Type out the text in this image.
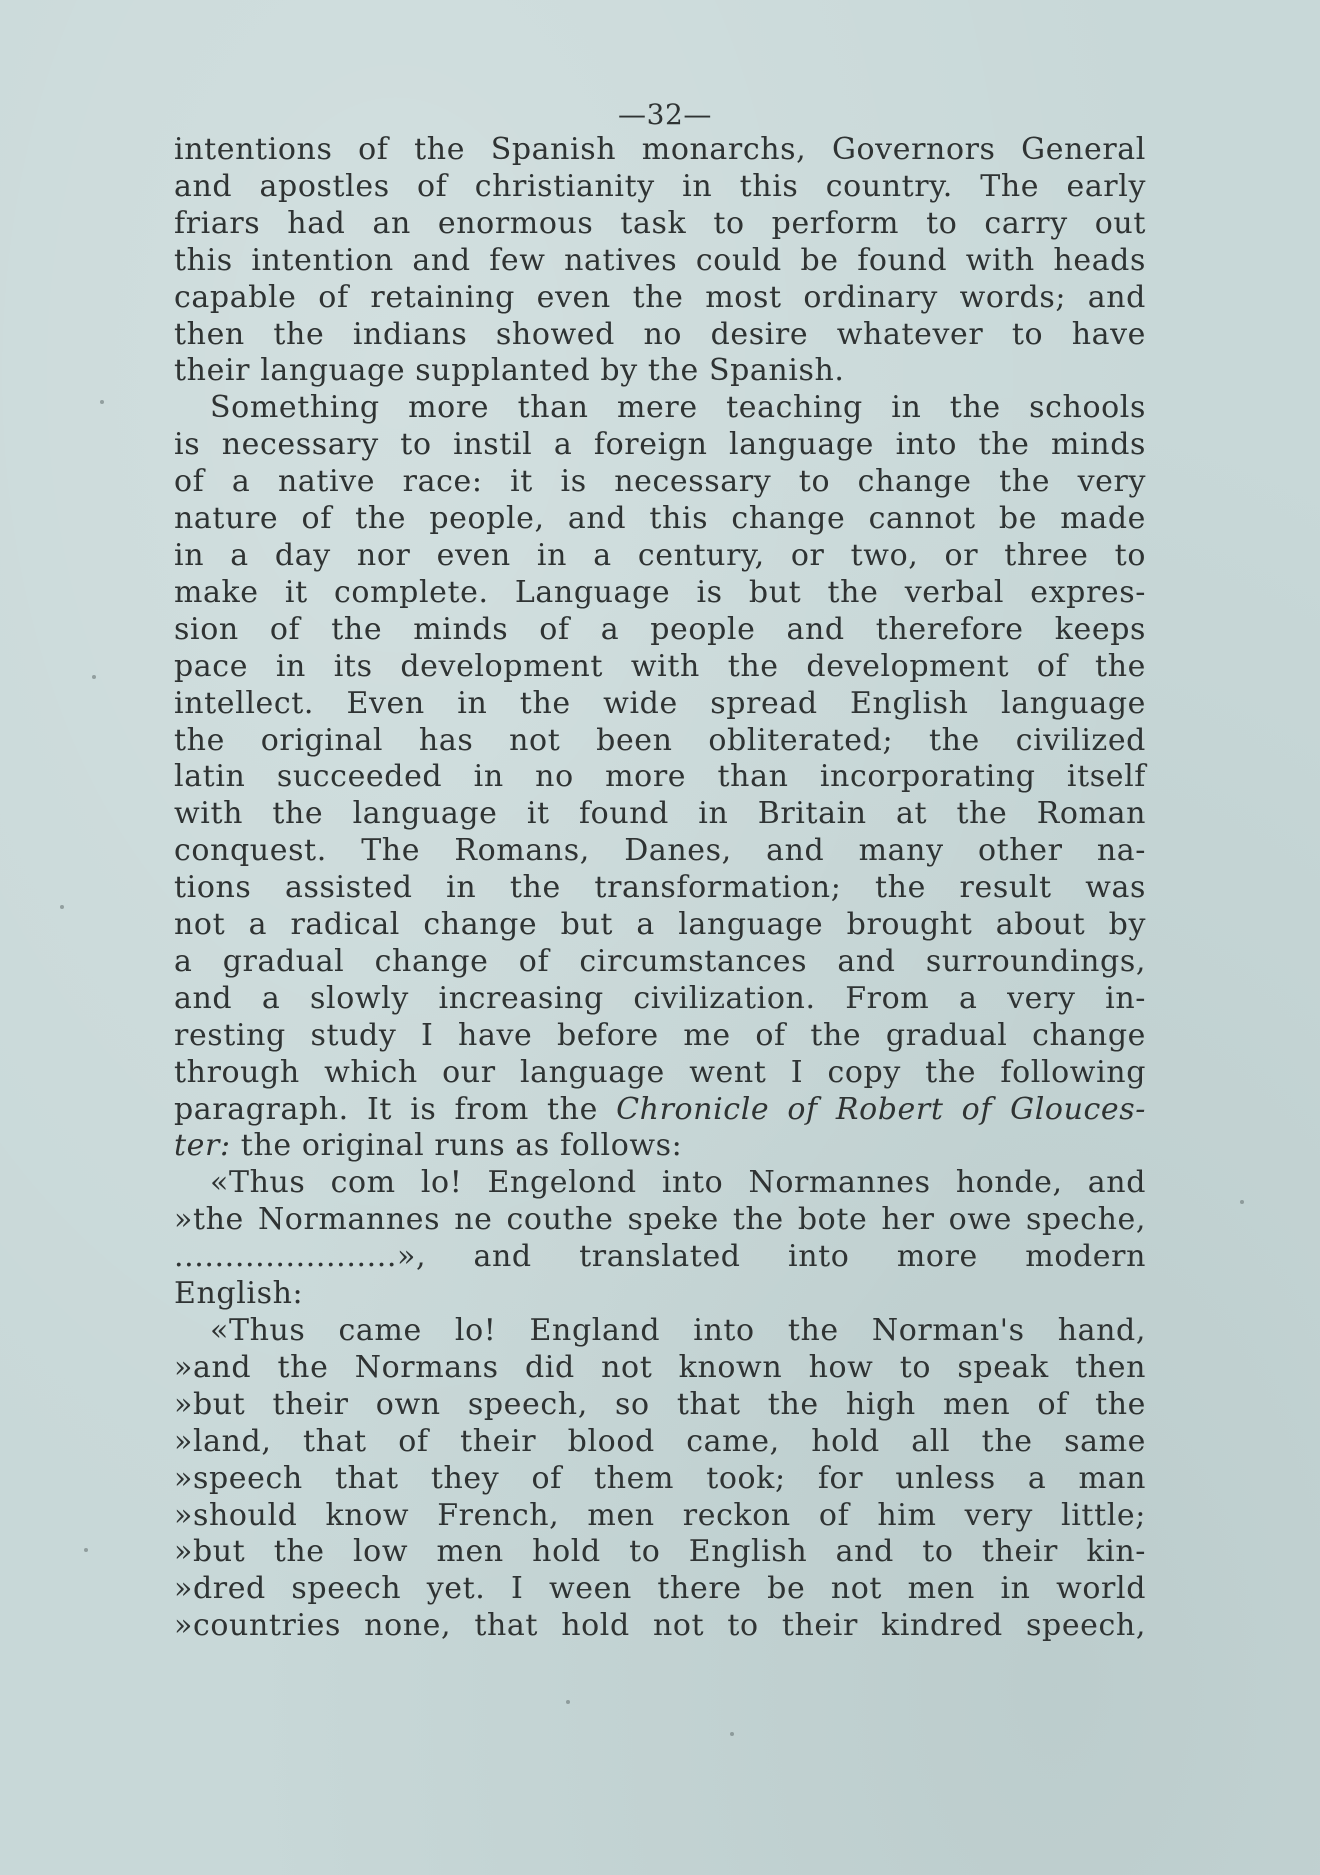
—32—
intentions of the Spanish monarchs, Governors General
and apostles of christianity in this country. The early
friars had an enormous task to perform to carry out
this intention and few natives could be found with heads
capable of retaining even the most ordinary words; and
then the indians showed no desire whatever to have
their language supplanted by the Spanish.
Something more than mere teaching in the schools
is necessary to instil a foreign language into the minds
of a native race: it is necessary to change the very
nature of the people, and this change cannot be made
in a day nor even in a century, or two, or three to
make it complete. Language is but the verbal expres-
sion of the minds of a people and therefore keeps
pace in its development with the development of the
intellect. Even in the wide spread English language
the original has not been obliterated; the civilized
latin succeeded in no more than incorporating itself
with the language it found in Britain at the Roman
conquest. The Romans, Danes, and many other na-
tions assisted in the transformation; the result was
not a radical change but a language brought about by
a gradual change of circumstances and surroundings,
and a slowly increasing civilization. From a very in-
resting study I have before me of the gradual change
through which our language went I copy the following
paragraph. It is from the Chronicle of Robert of Glouces-
ter: the original runs as follows:
«Thus com lo! Engelond into Normannes honde, and
»the Normannes ne couthe speke the bote her owe speche,
......................», and translated into more modern
English:
«Thus came lo! England into the Norman's hand,
»and the Normans did not known how to speak then
»but their own speech, so that the high men of the
»land, that of their blood came, hold all the same
»speech that they of them took; for unless a man
»should know French, men reckon of him very little;
»but the low men hold to English and to their kin-
»dred speech yet. I ween there be not men in world
»countries none, that hold not to their kindred speech,
